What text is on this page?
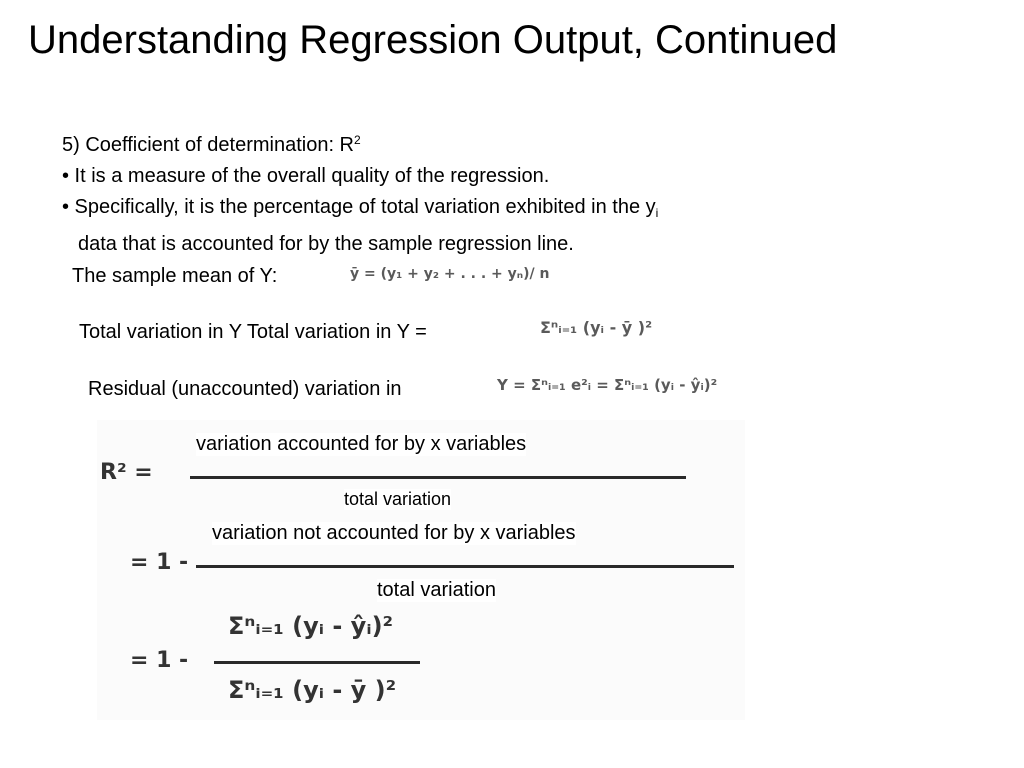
Understanding Regression Output, Continued
5) Coefficient of determination: $R^2$
• It is a measure of the overall quality of the regression.
• Specifically, it is the percentage of total variation exhibited in the $y_i$
data that is accounted for by the sample regression line.
The sample mean of Y:	ȳ = (y₁ + y₂ + . . . + yₙ)/ n
Total variation in Y Total variation in Y =	Σⁿᵢ₌₁ (yᵢ - ȳ )²
Residual (unaccounted) variation in	Y = Σⁿᵢ₌₁ e²ᵢ = Σⁿᵢ₌₁ (yᵢ - ŷᵢ)²
R² =
variation accounted for by x variables
total variation
= 1 -
variation not accounted for by x variables
total variation
= 1 -
Σⁿᵢ₌₁ (yᵢ - ŷᵢ)²
Σⁿᵢ₌₁ (yᵢ - ȳ )²
